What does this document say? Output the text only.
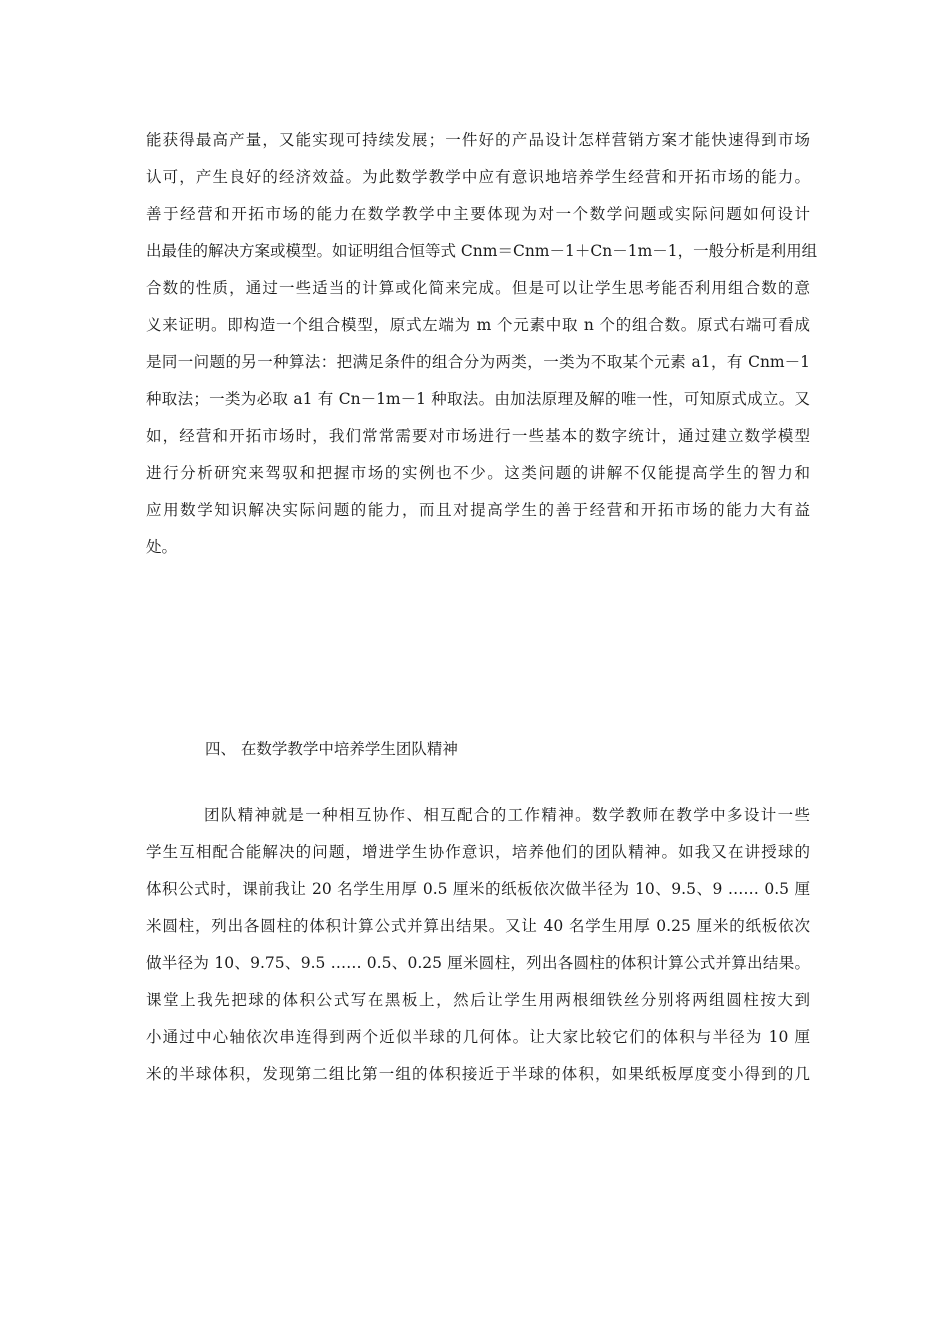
能获得最高产量，又能实现可持续发展；一件好的产品设计怎样营销方案才能快速得到市场
认可，产生良好的经济效益。为此数学教学中应有意识地培养学生经营和开拓市场的能力。
善于经营和开拓市场的能力在数学教学中主要体现为对一个数学问题或实际问题如何设计
出最佳的解决方案或模型。如证明组合恒等式 Cnm＝Cnm－1＋Cn－1m－1，一般分析是利用组
合数的性质，通过一些适当的计算或化简来完成。但是可以让学生思考能否利用组合数的意
义来证明。即构造一个组合模型，原式左端为 m 个元素中取 n 个的组合数。原式右端可看成
是同一问题的另一种算法：把满足条件的组合分为两类，一类为不取某个元素 a1，有 Cnm－1
种取法；一类为必取 a1 有 Cn－1m－1 种取法。由加法原理及解的唯一性，可知原式成立。又
如，经营和开拓市场时，我们常常需要对市场进行一些基本的数字统计，通过建立数学模型
进行分析研究来驾驭和把握市场的实例也不少。这类问题的讲解不仅能提高学生的智力和
应用数学知识解决实际问题的能力，而且对提高学生的善于经营和开拓市场的能力大有益
处。
四、 在数学教学中培养学生团队精神
团队精神就是一种相互协作、相互配合的工作精神。数学教师在教学中多设计一些
学生互相配合能解决的问题，增进学生协作意识，培养他们的团队精神。如我又在讲授球的
体积公式时，课前我让 20 名学生用厚 0.5 厘米的纸板依次做半径为 10、9.5、9 …… 0.5 厘
米圆柱，列出各圆柱的体积计算公式并算出结果。又让 40 名学生用厚 0.25 厘米的纸板依次
做半径为 10、9.75、9.5 …… 0.5、0.25 厘米圆柱，列出各圆柱的体积计算公式并算出结果。
课堂上我先把球的体积公式写在黑板上，然后让学生用两根细铁丝分别将两组圆柱按大到
小通过中心轴依次串连得到两个近似半球的几何体。让大家比较它们的体积与半径为 10 厘
米的半球体积，发现第二组比第一组的体积接近于半球的体积，如果纸板厚度变小得到的几
